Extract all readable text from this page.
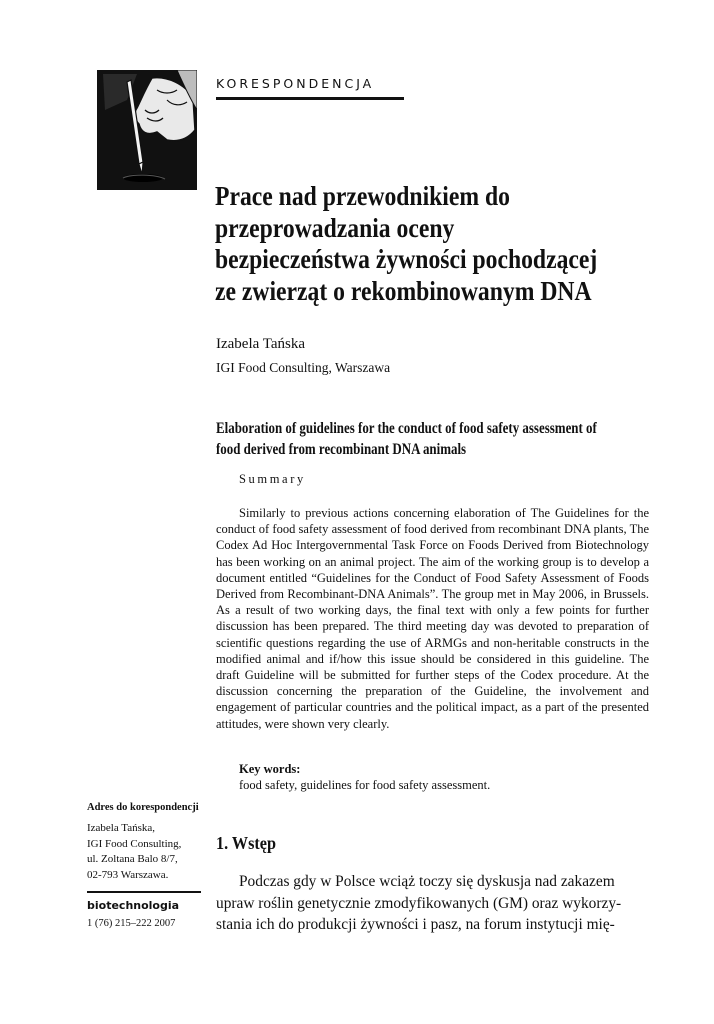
KORESPONDENCJA
Prace nad przewodnikiem do
przeprowadzania oceny
bezpieczeństwa żywności pochodzącej
ze zwierząt o rekombinowanym DNA
Izabela Tańska
IGI Food Consulting, Warszawa
Elaboration of guidelines for the conduct of food safety assessment of
food derived from recombinant DNA animals
Summary
Similarly to previous actions concerning elaboration of The Guidelines for the conduct of food safety assessment of food derived from recombinant DNA plants, The Codex Ad Hoc Intergovernmental Task Force on Foods Derived from Biotechnology has been working on an animal project. The aim of the working group is to develop a document entitled “Guidelines for the Conduct of Food Safety Assessment of Foods Derived from Recombinant-DNA Animals”. The group met in May 2006, in Brussels. As a result of two working days, the final text with only a few points for further discussion has been prepared. The third meeting day was devoted to preparation of scientific questions regarding the use of ARMGs and non-heritable constructs in the modified animal and if/how this issue should be considered in this guideline. The draft Guideline will be submitted for further steps of the Codex procedure. At the discussion concerning the preparation of the Guideline, the involvement and engagement of particular countries and the political impact, as a part of the presented attitudes, were shown very clearly.
Key words:
food safety, guidelines for food safety assessment.
Adres do korespondencji
Izabela Tańska,
IGI Food Consulting,
ul. Zoltana Balo 8/7,
02-793 Warszawa.
biotechnologia
1 (76) 215–222 2007
1. Wstęp
Podczas gdy w Polsce wciąż toczy się dyskusja nad zakazem
upraw roślin genetycznie zmodyfikowanych (GM) oraz wykorzy-
stania ich do produkcji żywności i pasz, na forum instytucji mię-
